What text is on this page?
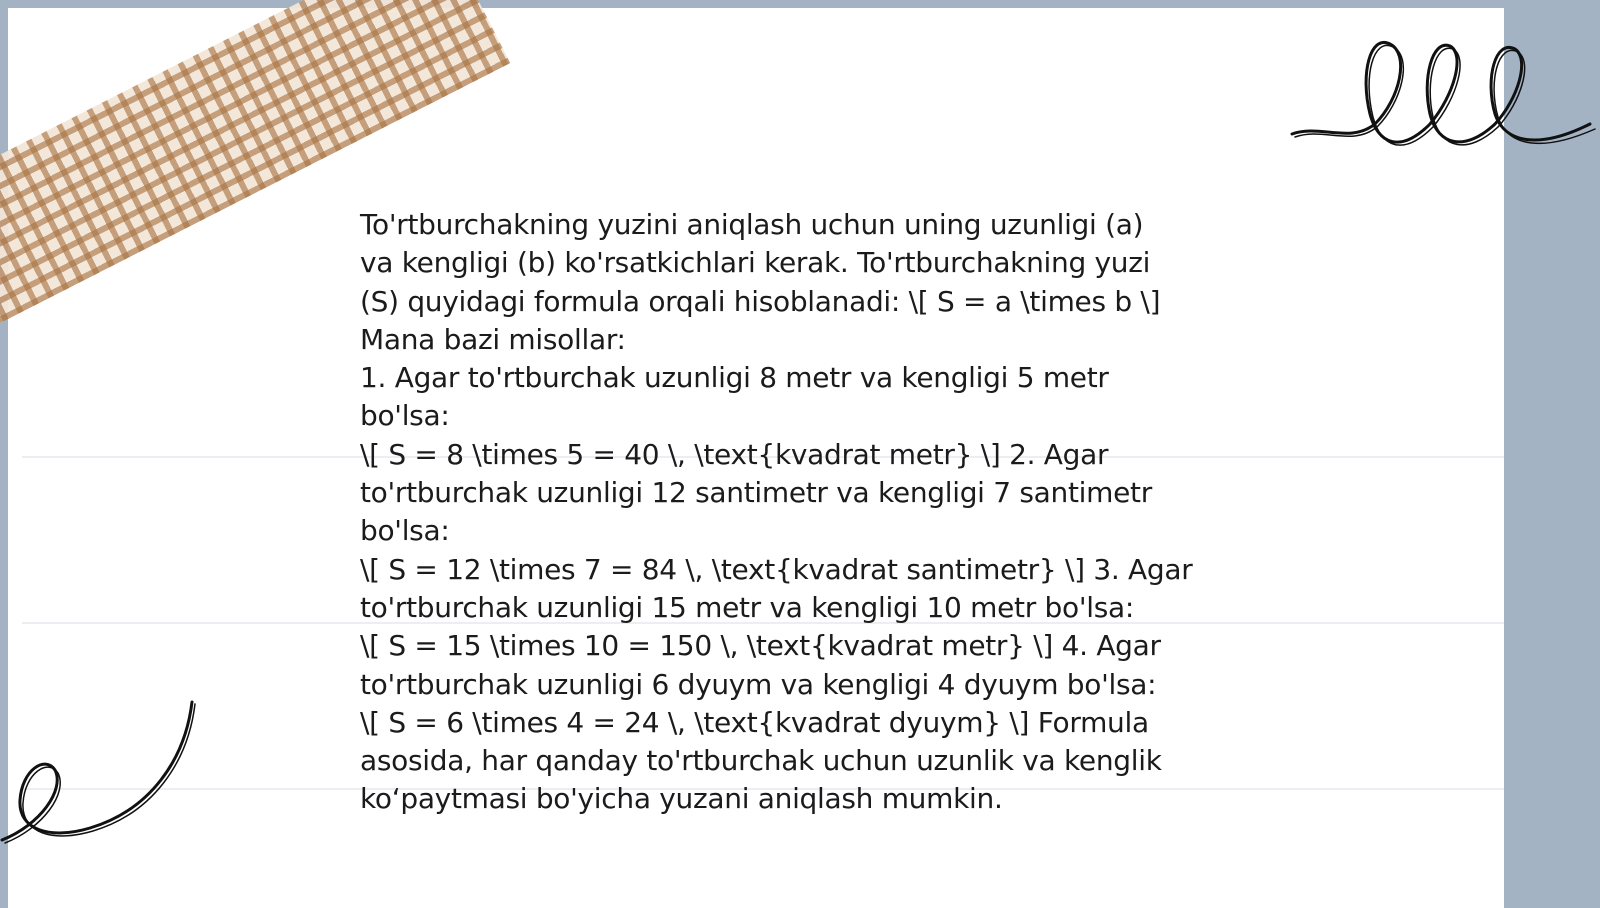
To'rtburchakning yuzini aniqlash uchun uning uzunligi (a)
va kengligi (b) ko'rsatkichlari kerak. To'rtburchakning yuzi
(S) quyidagi formula orqali hisoblanadi: \[ S = a \times b \]
Mana bazi misollar:
1. Agar to'rtburchak uzunligi 8 metr va kengligi 5 metr
bo'lsa:
\[ S = 8 \times 5 = 40 \, \text{kvadrat metr} \] 2. Agar
to'rtburchak uzunligi 12 santimetr va kengligi 7 santimetr
bo'lsa:
\[ S = 12 \times 7 = 84 \, \text{kvadrat santimetr} \] 3. Agar
to'rtburchak uzunligi 15 metr va kengligi 10 metr bo'lsa:
\[ S = 15 \times 10 = 150 \, \text{kvadrat metr} \] 4. Agar
to'rtburchak uzunligi 6 dyuym va kengligi 4 dyuym bo'lsa:
\[ S = 6 \times 4 = 24 \, \text{kvadrat dyuym} \] Formula
asosida, har qanday to'rtburchak uchun uzunlik va kenglik
ko‘paytmasi bo'yicha yuzani aniqlash mumkin.
